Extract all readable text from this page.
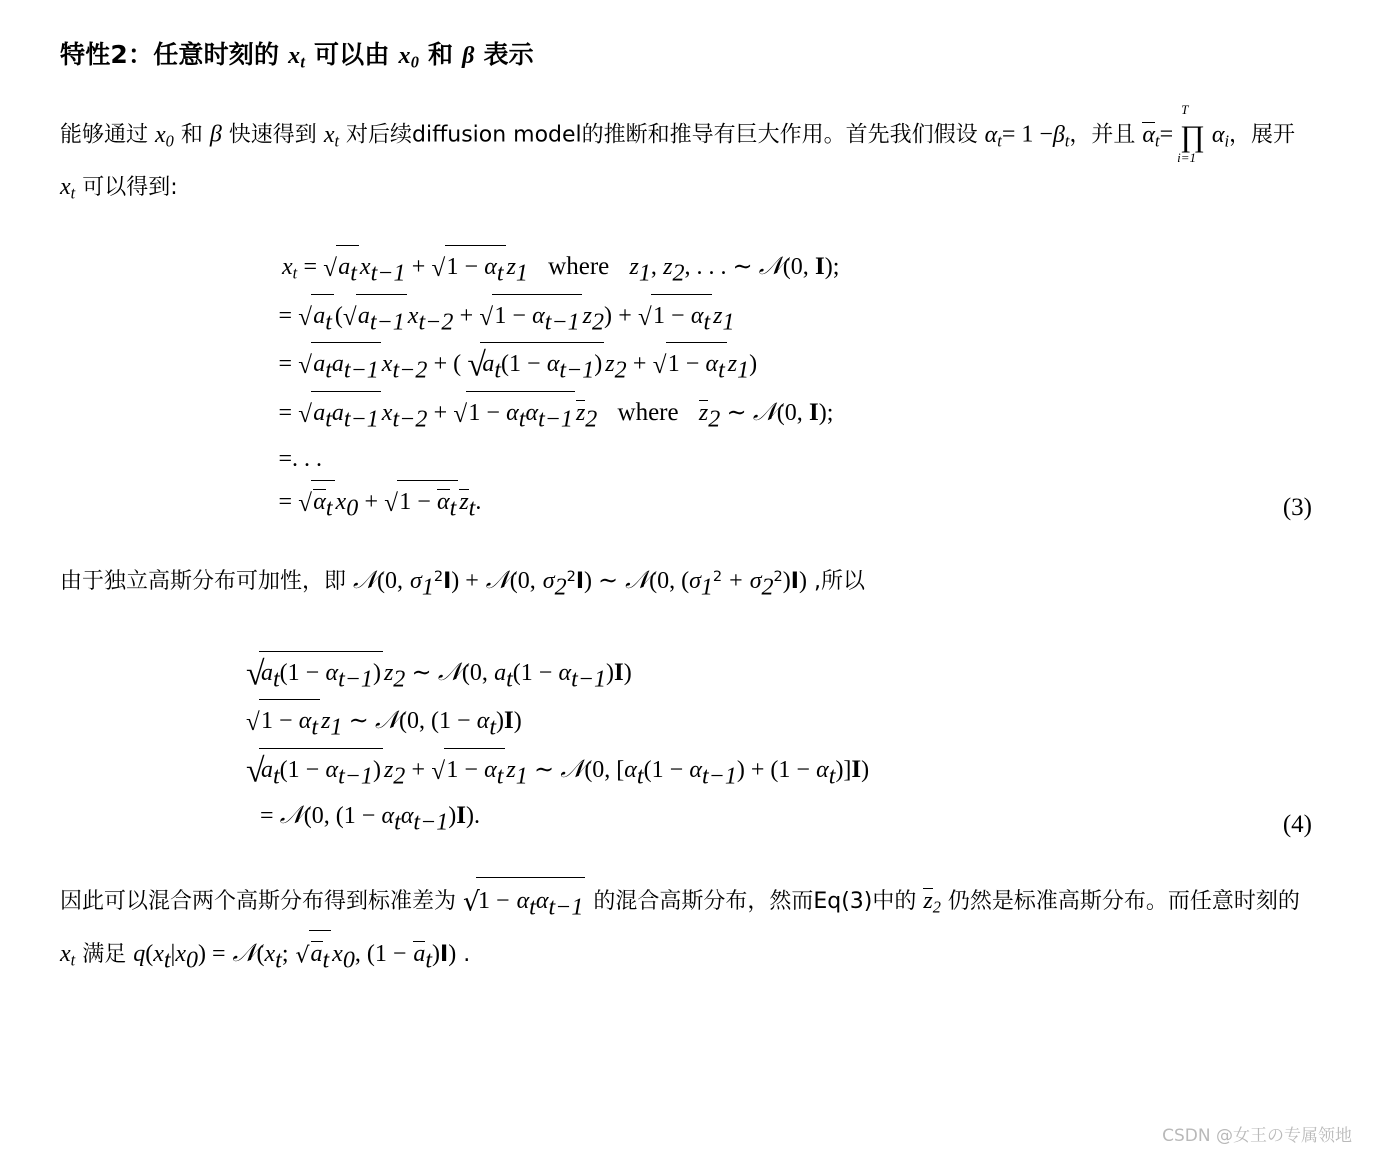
特性2：任意时刻的 $x_t$ 可以由 $x_0$ 和 β 表示
能够通过 $x_0$ 和 β 快速得到 $x_t$ 对后续diffusion model的推断和推导有巨大作用。首先我们假设 $\alpha_t= 1 -\beta_t$，并且 $\alpha_t=$ ∏
T
i=1
$\alpha_i$，展开 $x_t$ 可以得到:
$x_t$ = √ $a_t$ $x_{t-1}$ + √ $1 - \alpha_t$ $z_1$ where $z_1$, $z_2$, . . . ∼ 𝒩(0, I);
= √ $a_t$ ( √ $a_{t-1}$ $x_{t-2}$ + √ $1 - \alpha_{t-1}$ $z_2$) + √ $1 - \alpha_t$ $z_1$
= √ $a_ta_{t-1}$ $x_{t-2}$ + ( √
$a_t(1 - \alpha_{t-1}) z_2$ + √ $1 - \alpha_t$ $z_1$)
= √ $a_ta_{t-1}$ $x_{t-2}$ + √ $1 - \alpha_t\alpha_{t-1}$ $z_2$ where $z_2$ ∼ 𝒩(0, I);
=. . .
= √ $\alpha_t$ $x_0$ + √ $1 - \alpha_t$ $z_t$.	(3)
由于独立高斯分布可加性，即 𝒩(0, $\sigma_1^2I$) + 𝒩(0, $\sigma_2^2I$) ∼ 𝒩(0, $(\sigma_1^2 + \sigma_2^2)I$) ,所以
√
$a_t(1 - \alpha_{t-1})$ $z_2$ ∼ 𝒩(0, $a_t(1 - \alpha_{t-1})I$)
√ $1 - \alpha_t$ $z_1$ ∼ 𝒩(0, $(1 - \alpha_t)I$)
√
$a_t(1 - \alpha_{t-1}) z_2$ + √ $1 - \alpha_t$ $z_1$ ∼ 𝒩(0, $[\alpha_t(1 - \alpha_{t-1}) + (1 - \alpha_t)]I$)
= 𝒩(0, $(1 - \alpha_t\alpha_{t-1})I$).	(4)
因此可以混合两个高斯分布得到标准差为 √
$1 - \alpha_t\alpha_{t-1}$ 的混合高斯分布，然而Eq(3)中的 $z_2$ 仍然是标准高斯分布。而任意时刻的 $x_t$ 满足 $q(x_t|x_0)$ = $𝒩(x_t$; √ $a_t$ $x_0$, $(1 - a_t)I$) .
CSDN @女王の专属领地
